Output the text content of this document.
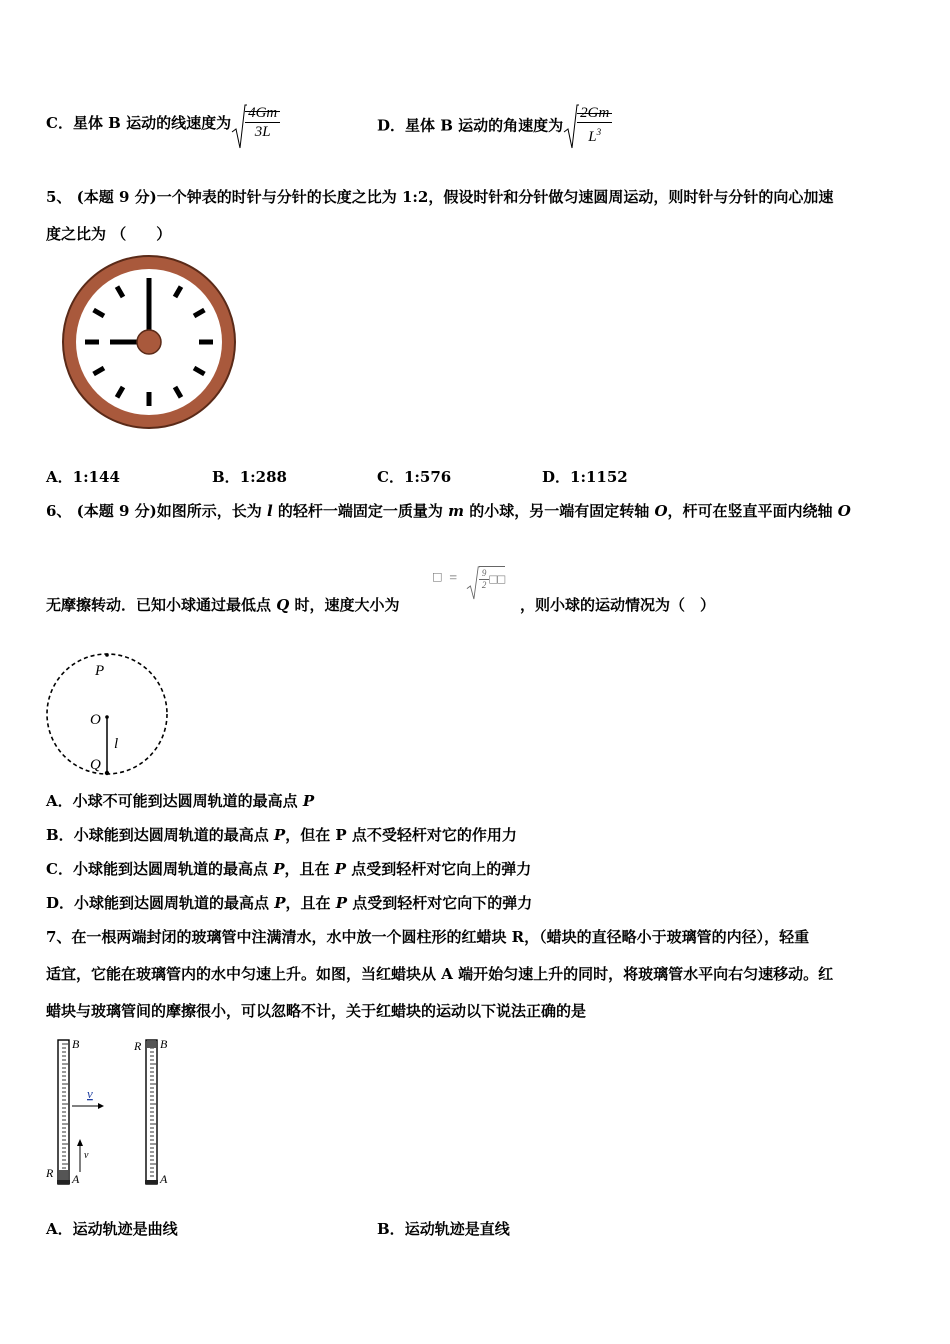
C．星体 B 运动的线速度为 $\frac{4Gm}{3L}$	D．星体 B 运动的角速度为 $\frac{2Gm}{L^3}$
5、 (本题 9 分)一个钟表的时针与分针的长度之比为 1:2，假设时针和分针做匀速圆周运动，则时针与分针的向心加速
度之比为 （　　）
A．1:144	B．1:288	C．1:576	D．1:1152
6、 (本题 9 分)如图所示，长为 l 的轻杆一端固定一质量为 m 的小球，另一端有固定转轴 O，杆可在竖直平面内绕轴 O
无摩擦转动．已知小球通过最低点 Q 时，速度大小为
□ = $\frac{9}{2}$ □□
，则小球的运动情况为（　）
P
O
l
Q
A．小球不可能到达圆周轨道的最高点 P
B．小球能到达圆周轨道的最高点 P，但在 P 点不受轻杆对它的作用力
C．小球能到达圆周轨道的最高点 P，且在 P 点受到轻杆对它向上的弹力
D．小球能到达圆周轨道的最高点 P，且在 P 点受到轻杆对它向下的弹力
7、在一根两端封闭的玻璃管中注满清水，水中放一个圆柱形的红蜡块 R，（蜡块的直径略小于玻璃管的内径），轻重
适宜，它能在玻璃管内的水中匀速上升。如图，当红蜡块从 A 端开始匀速上升的同时，将玻璃管水平向右匀速移动。红
蜡块与玻璃管间的摩擦很小，可以忽略不计，关于红蜡块的运动以下说法正确的是
B
A
R
v
v
R B
A
A．运动轨迹是曲线	B．运动轨迹是直线
